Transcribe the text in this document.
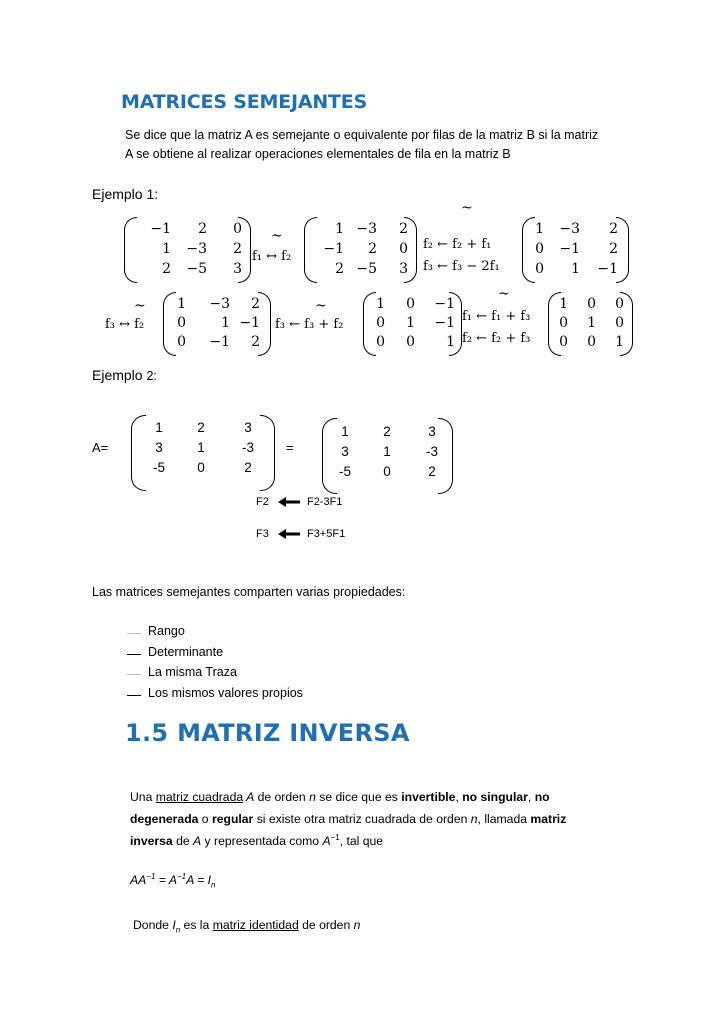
MATRICES SEMEJANTES
Se dice que la matriz A es semejante o equivalente por filas de la matriz B si la matriz
A se obtiene al realizar operaciones elementales de fila en la matriz B
Ejemplo 1:
−1	2	0
1	−3	2
2	−5	3
~
f₁ ↔ f₂
1 −3	2
−1	2	0
2 −5	3
~
f₂ ← f₂ + f₁
f₃ ← f₃ − 2f₁
1	−3	2
0	−1	2
0	1	−1
~
f₃ ↔ f₂
1	−3	2
0	1 −1
0	−1	2
~
f₃ ← f₃ + f₂
1	0	−1
0	1	−1
0	0	1
~
f₁ ← f₁ + f₃
f₂ ← f₂ + f₃
1	0	0
0	1	0
0	0	1
Ejemplo 2:
A=
1	2	3
3	1	-3
-5	0	2
=
1	2	3
3	1	-3
-5	0	2
F2	F2-3F1
F3	F3+5F1
Las matrices semejantes comparten varias propiedades:
Rango
Determinante
La misma Traza
Los mismos valores propios
1.5 MATRIZ INVERSA
Una matriz cuadrada A de orden n se dice que es invertible, no singular, no
degenerada o regular si existe otra matriz cuadrada de orden n, llamada matriz
inversa de A y representada como $A^{-1}$, tal que
$AA^{-1} = A^{-1}A = I_n$
Donde $I_n$ es la matriz identidad de orden n
